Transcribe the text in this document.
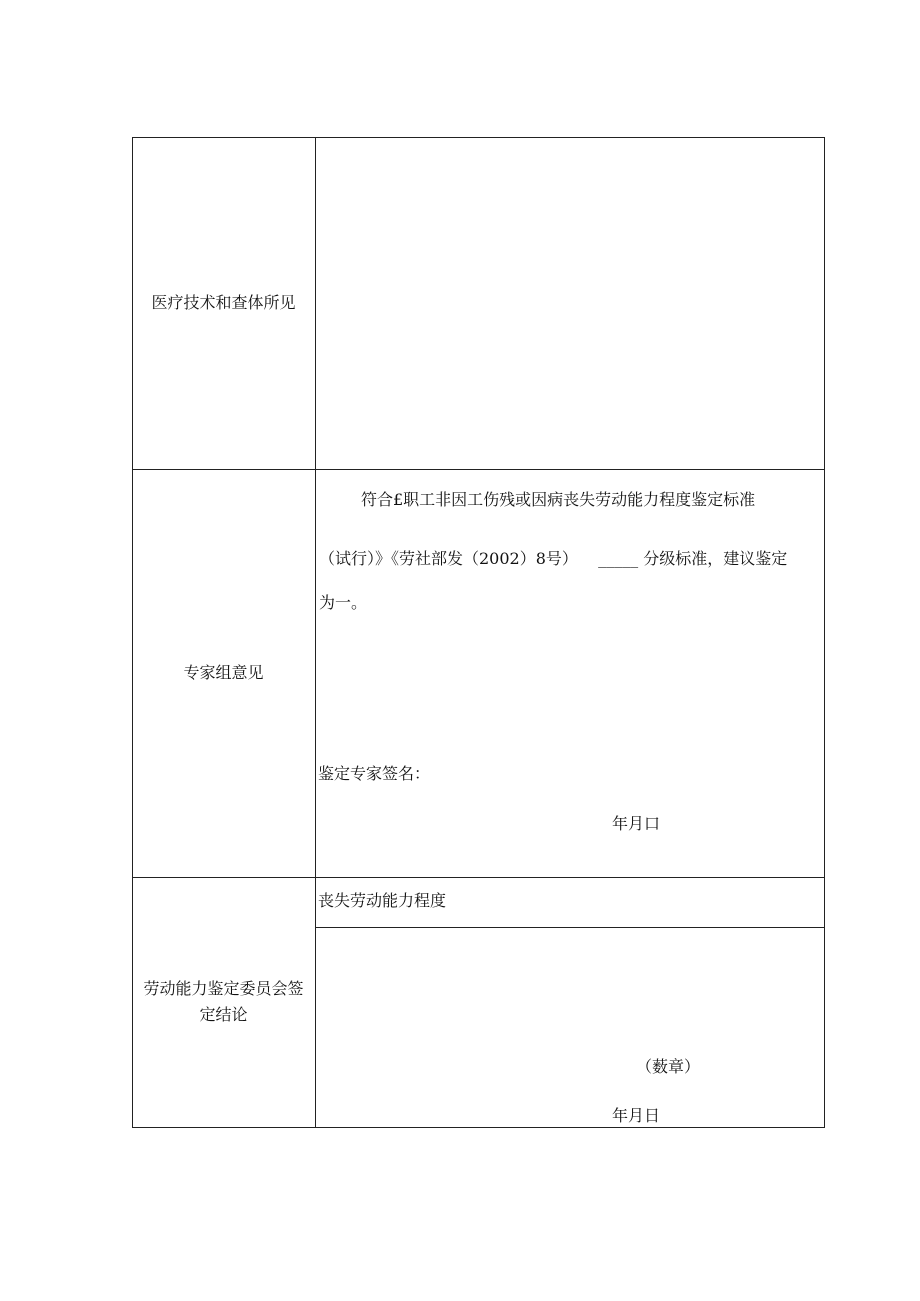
医疗技术和查体所见
专家组意见
符合£职工非因工伤残或因病丧失劳动能力程度鉴定标准
（试行）》《劳社部发（2002）8号） _____ 分级标准，建议鉴定
为一。
鉴定专家签名：
年月口
劳动能力鉴定委员会签
定结论
丧失劳动能力程度
（薮章）
年月日
